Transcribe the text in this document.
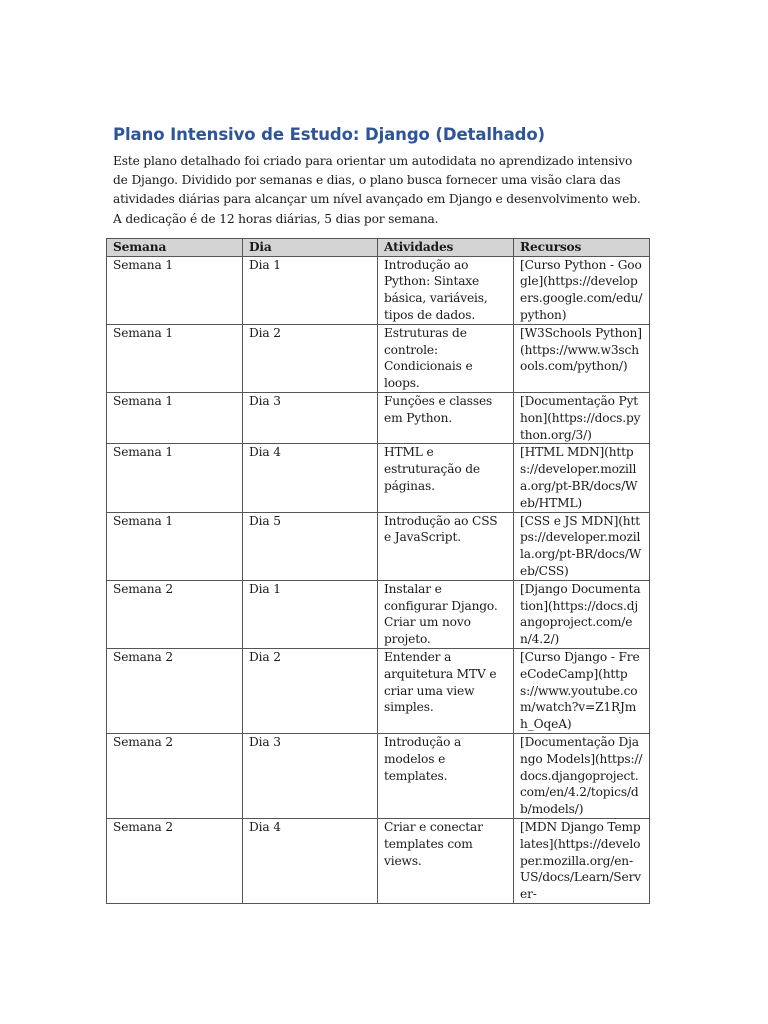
Plano Intensivo de Estudo: Django (Detalhado)

Este plano detalhado foi criado para orientar um autodidata no aprendizado intensivo de Django. Dividido por semanas e dias, o plano busca fornecer uma visão clara das atividades diárias para alcançar um nível avançado em Django e desenvolvimento web. A dedicação é de 12 horas diárias, 5 dias por semana.

Semana	Dia	Atividades	Recursos
Semana 1	Dia 1	Introdução ao Python: Sintaxe básica, variáveis, tipos de dados.	[Curso Python - Google](https://developers.google.com/edu/python)
Semana 1	Dia 2	Estruturas de controle: Condicionais e loops.	[W3Schools Python](https://www.w3schools.com/python/)
Semana 1	Dia 3	Funções e classes em Python.	[Documentação Python](https://docs.python.org/3/)
Semana 1	Dia 4	HTML e estruturação de páginas.	[HTML MDN](https://developer.mozilla.org/pt-BR/docs/Web/HTML)
Semana 1	Dia 5	Introdução ao CSS e JavaScript.	[CSS e JS MDN](https://developer.mozilla.org/pt-BR/docs/Web/CSS)
Semana 2	Dia 1	Instalar e configurar Django. Criar um novo projeto.	[Django Documentation](https://docs.djangoproject.com/en/4.2/)
Semana 2	Dia 2	Entender a arquitetura MTV e criar uma view simples.	[Curso Django - FreeCodeCamp](https://www.youtube.com/watch?v=Z1RJmh_OqeA)
Semana 2	Dia 3	Introdução a modelos e templates.	[Documentação Django Models](https://docs.djangoproject.com/en/4.2/topics/db/models/)
Semana 2	Dia 4	Criar e conectar templates com views.	[MDN Django Templates](https://developer.mozilla.org/en-US/docs/Learn/Server-
